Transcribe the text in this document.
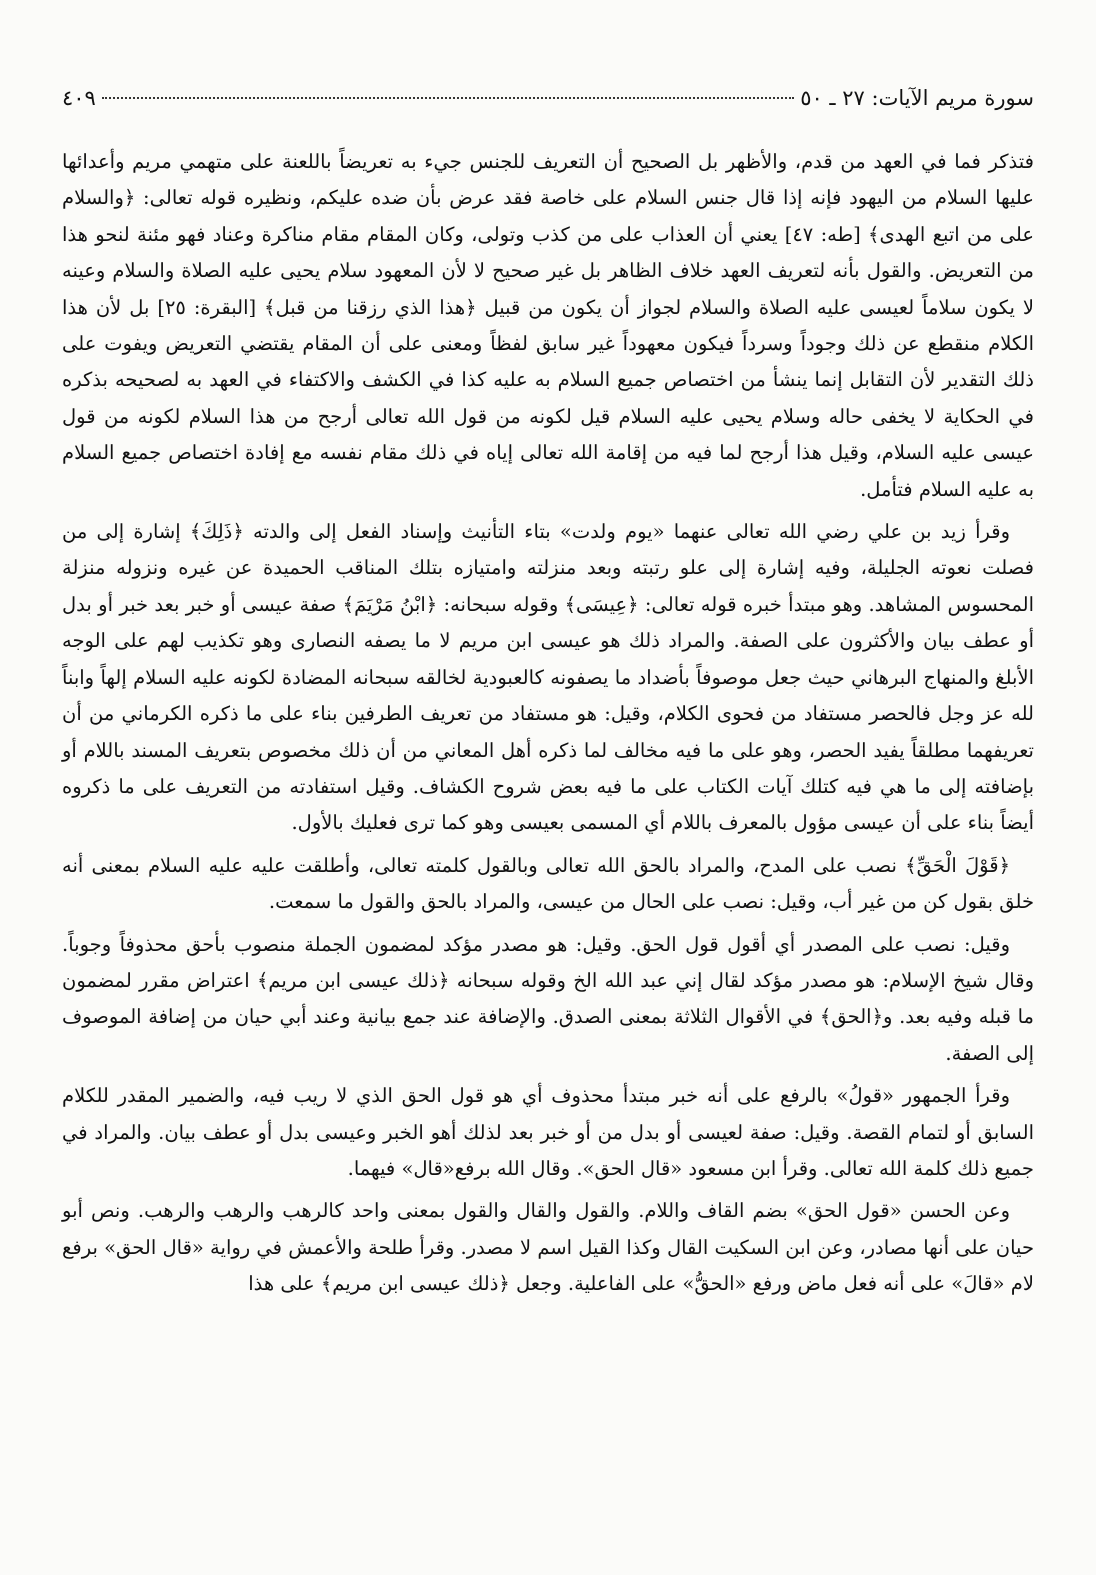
سورة مريم الآيات: ٢٧ ـ ٥٠
٤٠٩

فتذكر فما في العهد من قدم، والأظهر بل الصحيح أن التعريف للجنس جيء به تعريضاً باللعنة على متهمي مريم وأعدائها عليها السلام من اليهود فإنه إذا قال جنس السلام على خاصة فقد عرض بأن ضده عليكم، ونظيره قوله تعالى: ﴿والسلام على من اتبع الهدى﴾ [طه: ٤٧] يعني أن العذاب على من كذب وتولى، وكان المقام مقام مناكرة وعناد فهو مئنة لنحو هذا من التعريض. والقول بأنه لتعريف العهد خلاف الظاهر بل غير صحيح لا لأن المعهود سلام يحيى عليه الصلاة والسلام وعينه لا يكون سلاماً لعيسى عليه الصلاة والسلام لجواز أن يكون من قبيل ﴿هذا الذي رزقنا من قبل﴾ [البقرة: ٢٥] بل لأن هذا الكلام منقطع عن ذلك وجوداً وسرداً فيكون معهوداً غير سابق لفظاً ومعنى على أن المقام يقتضي التعريض ويفوت على ذلك التقدير لأن التقابل إنما ينشأ من اختصاص جميع السلام به عليه كذا في الكشف والاكتفاء في العهد به لصحيحه بذكره في الحكاية لا يخفى حاله وسلام يحيى عليه السلام قيل لكونه من قول الله تعالى أرجح من هذا السلام لكونه من قول عيسى عليه السلام، وقيل هذا أرجح لما فيه من إقامة الله تعالى إياه في ذلك مقام نفسه مع إفادة اختصاص جميع السلام به عليه السلام فتأمل.

وقرأ زيد بن علي رضي الله تعالى عنهما «يوم ولدت» بتاء التأنيث وإسناد الفعل إلى والدته ﴿ذَلِكَ﴾ إشارة إلى من فصلت نعوته الجليلة، وفيه إشارة إلى علو رتبته وبعد منزلته وامتيازه بتلك المناقب الحميدة عن غيره ونزوله منزلة المحسوس المشاهد. وهو مبتدأ خبره قوله تعالى: ﴿عِيسَى﴾ وقوله سبحانه: ﴿ابْنُ مَرْيَمَ﴾ صفة عيسى أو خبر بعد خبر أو بدل أو عطف بيان والأكثرون على الصفة. والمراد ذلك هو عيسى ابن مريم لا ما يصفه النصارى وهو تكذيب لهم على الوجه الأبلغ والمنهاج البرهاني حيث جعل موصوفاً بأضداد ما يصفونه كالعبودية لخالقه سبحانه المضادة لكونه عليه السلام إلهاً وابناً لله عز وجل فالحصر مستفاد من فحوى الكلام، وقيل: هو مستفاد من تعريف الطرفين بناء على ما ذكره الكرماني من أن تعريفهما مطلقاً يفيد الحصر، وهو على ما فيه مخالف لما ذكره أهل المعاني من أن ذلك مخصوص بتعريف المسند باللام أو بإضافته إلى ما هي فيه كتلك آيات الكتاب على ما فيه بعض شروح الكشاف. وقيل استفادته من التعريف على ما ذكروه أيضاً بناء على أن عيسى مؤول بالمعرف باللام أي المسمى بعيسى وهو كما ترى فعليك بالأول.

﴿قَوْلَ الْحَقِّ﴾ نصب على المدح، والمراد بالحق الله تعالى وبالقول كلمته تعالى، وأطلقت عليه عليه السلام بمعنى أنه خلق بقول كن من غير أب، وقيل: نصب على الحال من عيسى، والمراد بالحق والقول ما سمعت.

وقيل: نصب على المصدر أي أقول قول الحق. وقيل: هو مصدر مؤكد لمضمون الجملة منصوب بأحق محذوفاً وجوباً. وقال شيخ الإسلام: هو مصدر مؤكد لقال إني عبد الله الخ وقوله سبحانه ﴿ذلك عيسى ابن مريم﴾ اعتراض مقرر لمضمون ما قبله وفيه بعد. و﴿الحق﴾ في الأقوال الثلاثة بمعنى الصدق. والإضافة عند جمع بيانية وعند أبي حيان من إضافة الموصوف إلى الصفة.

وقرأ الجمهور «قولُ» بالرفع على أنه خبر مبتدأ محذوف أي هو قول الحق الذي لا ريب فيه، والضمير المقدر للكلام السابق أو لتمام القصة. وقيل: صفة لعيسى أو بدل من أو خبر بعد لذلك أهو الخبر وعيسى بدل أو عطف بيان. والمراد في جميع ذلك كلمة الله تعالى. وقرأ ابن مسعود «قال الحق». وقال الله برفع«قال» فيهما.

وعن الحسن «قول الحق» بضم القاف واللام. والقول والقال والقول بمعنى واحد كالرهب والرهب والرهب. ونص أبو حيان على أنها مصادر، وعن ابن السكيت القال وكذا القيل اسم لا مصدر. وقرأ طلحة والأعمش في رواية «قال الحق» برفع لام «قالَ» على أنه فعل ماض ورفع «الحقُّ» على الفاعلية. وجعل ﴿ذلك عيسى ابن مريم﴾ على هذا
